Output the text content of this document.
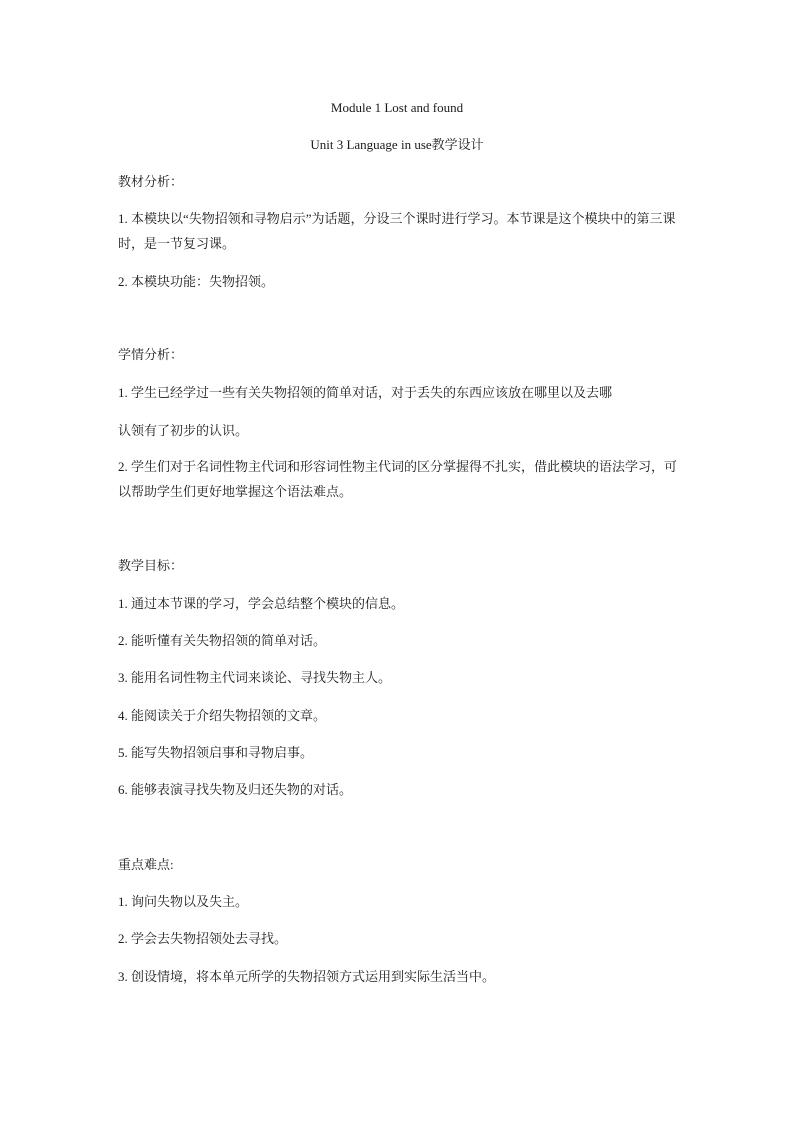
Module 1 Lost and found
Unit 3 Language in use教学设计
教材分析：
1. 本模块以“失物招领和寻物启示”为话题，分设三个课时进行学习。本节课是这个模块中的第三课时，是一节复习课。
2. 本模块功能：失物招领。
学情分析：
1. 学生已经学过一些有关失物招领的简单对话，对于丢失的东西应该放在哪里以及去哪
认领有了初步的认识。
2. 学生们对于名词性物主代词和形容词性物主代词的区分掌握得不扎实，借此模块的语法学习，可以帮助学生们更好地掌握这个语法难点。
教学目标：
1. 通过本节课的学习，学会总结整个模块的信息。
2. 能听懂有关失物招领的简单对话。
3. 能用名词性物主代词来谈论、寻找失物主人。
4. 能阅读关于介绍失物招领的文章。
5. 能写失物招领启事和寻物启事。
6. 能够表演寻找失物及归还失物的对话。
重点难点:
1. 询问失物以及失主。
2. 学会去失物招领处去寻找。
3. 创设情境，将本单元所学的失物招领方式运用到实际生活当中。
